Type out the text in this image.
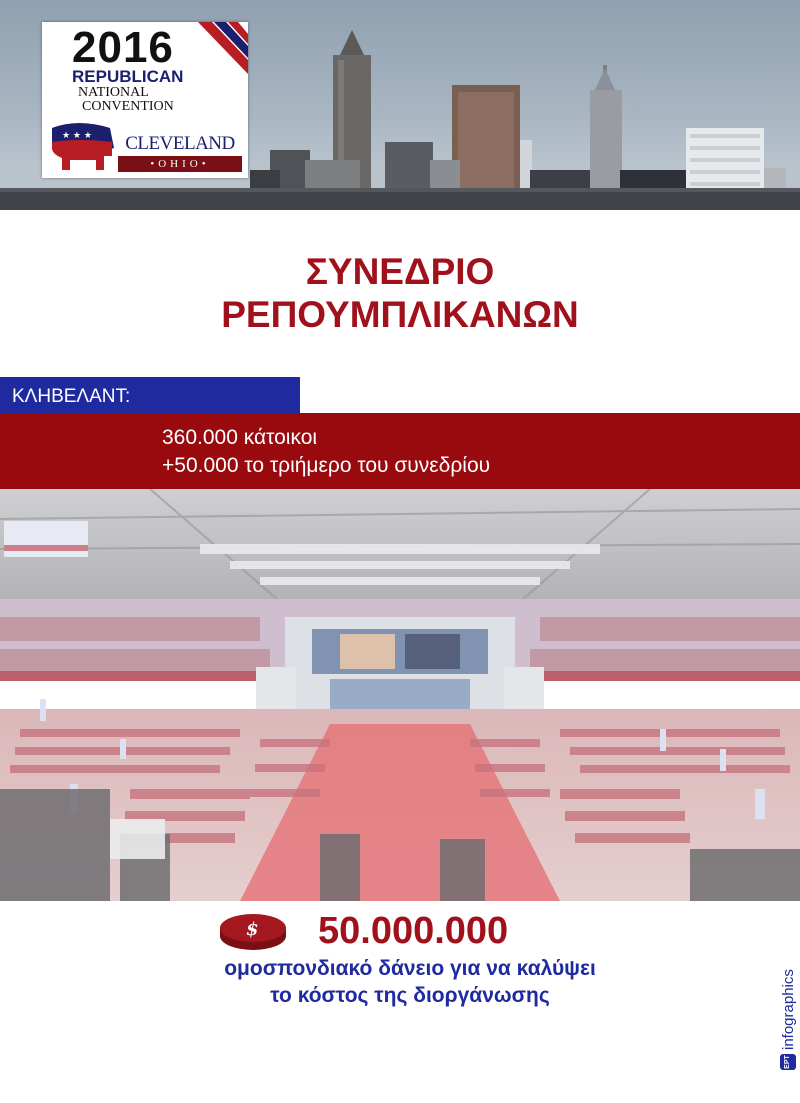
2016
REPUBLICAN
NATIONAL
CONVENTION
★ ★ ★	CLEVELAND
•OHIO•
ΣΥΝΕΔΡΙΟ
ΡΕΠΟΥΜΠΛΙΚΑΝΩΝ
ΚΛΗΒΕΛΑΝΤ:
360.000 κάτοικοι
+50.000 το τριήμερο του συνεδρίου
$ 50.000.000
ομοσπονδιακό δάνειο για να καλύψει
το κόστος της διοργάνωσης
ΕΡΤ
infographics
